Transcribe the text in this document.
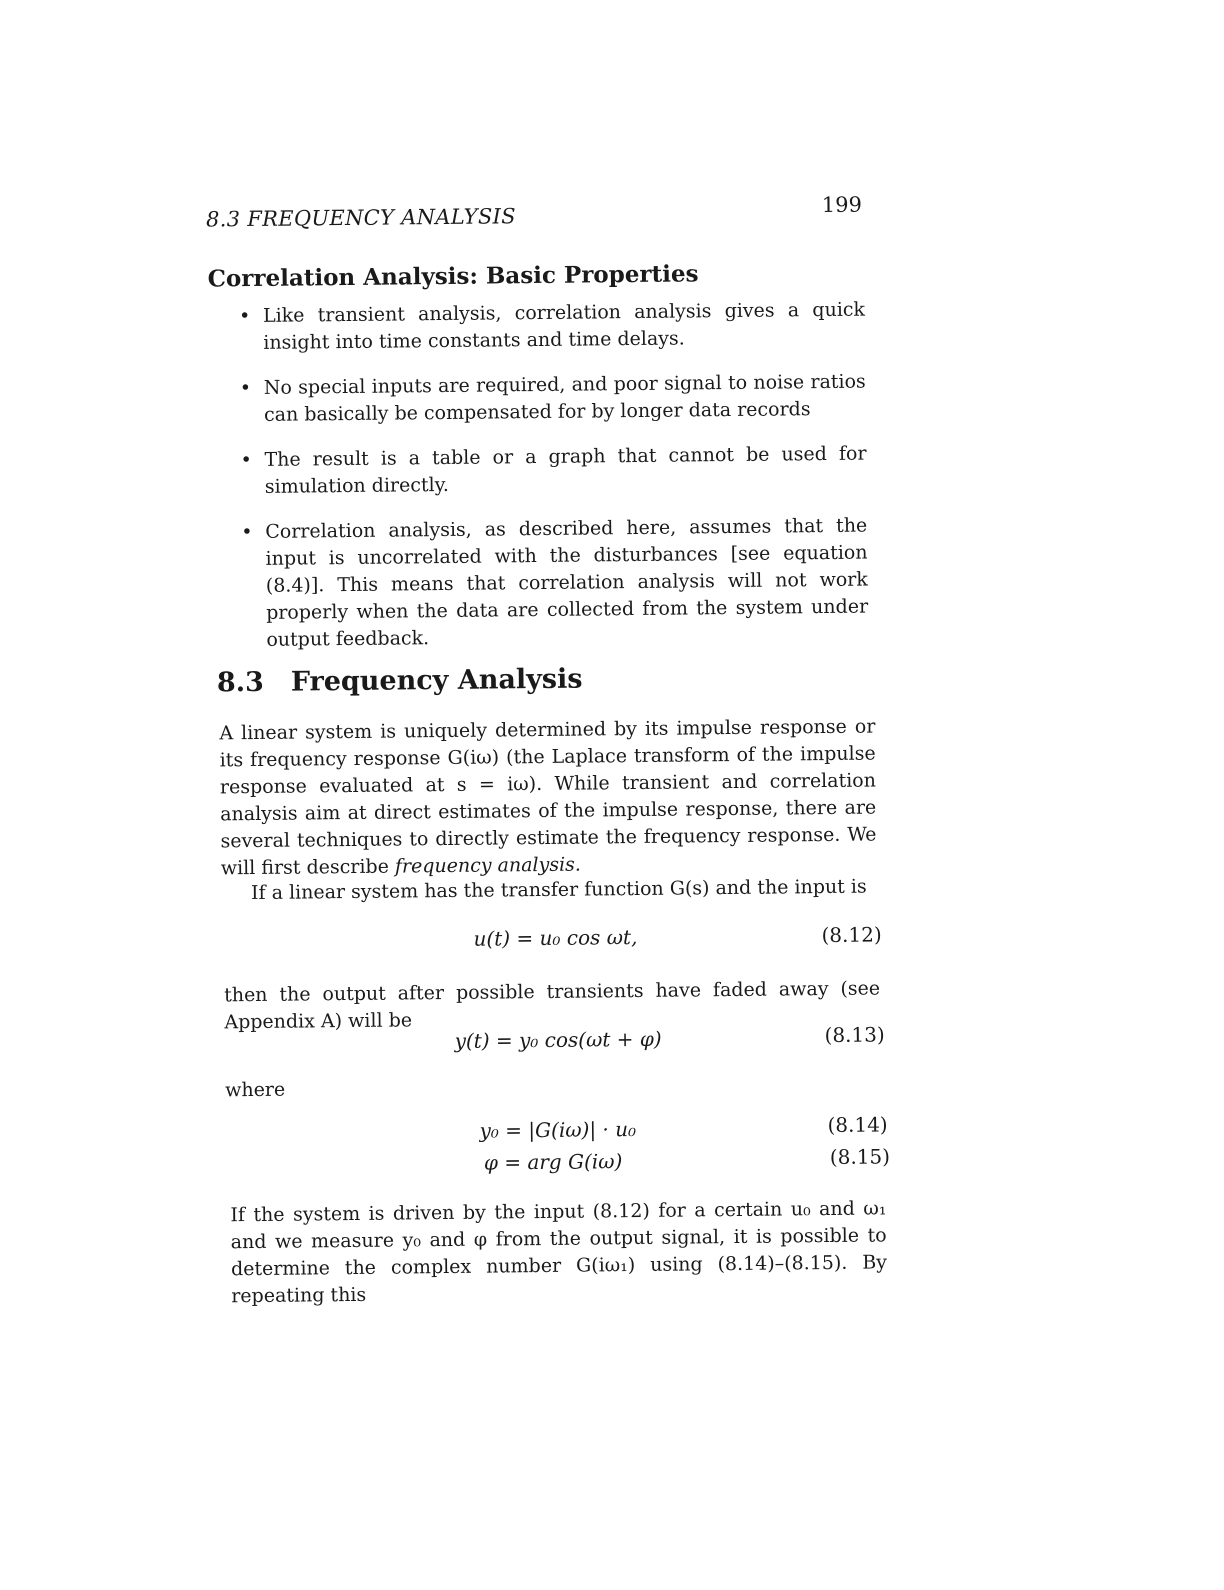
8.3 FREQUENCY ANALYSIS	199
Correlation Analysis: Basic Properties
• Like transient analysis, correlation analysis gives a quick insight into time constants and time delays.
• No special inputs are required, and poor signal to noise ratios can basically be compensated for by longer data records
• The result is a table or a graph that cannot be used for simulation directly.
• Correlation analysis, as described here, assumes that the input is uncorrelated with the disturbances [see equation (8.4)]. This means that correlation analysis will not work properly when the data are collected from the system under output feedback.
8.3 Frequency Analysis

A linear system is uniquely determined by its impulse response or its frequency response G(iω) (the Laplace transform of the impulse response evaluated at s = iω). While transient and correlation analysis aim at direct estimates of the impulse response, there are several techniques to directly estimate the frequency response. We will first describe frequency analysis.

If a linear system has the transfer function G(s) and the input is

u(t) = u₀ cos ωt,	(8.12)

then the output after possible transients have faded away (see Appendix A) will be

y(t) = y₀ cos(ωt + φ)	(8.13)

where

y₀ = |G(iω)| · u₀	(8.14)
φ = arg G(iω)	(8.15)

If the system is driven by the input (8.12) for a certain u₀ and ω₁ and we measure y₀ and φ from the output signal, it is possible to determine the complex number G(iω₁) using (8.14)–(8.15). By repeating this
